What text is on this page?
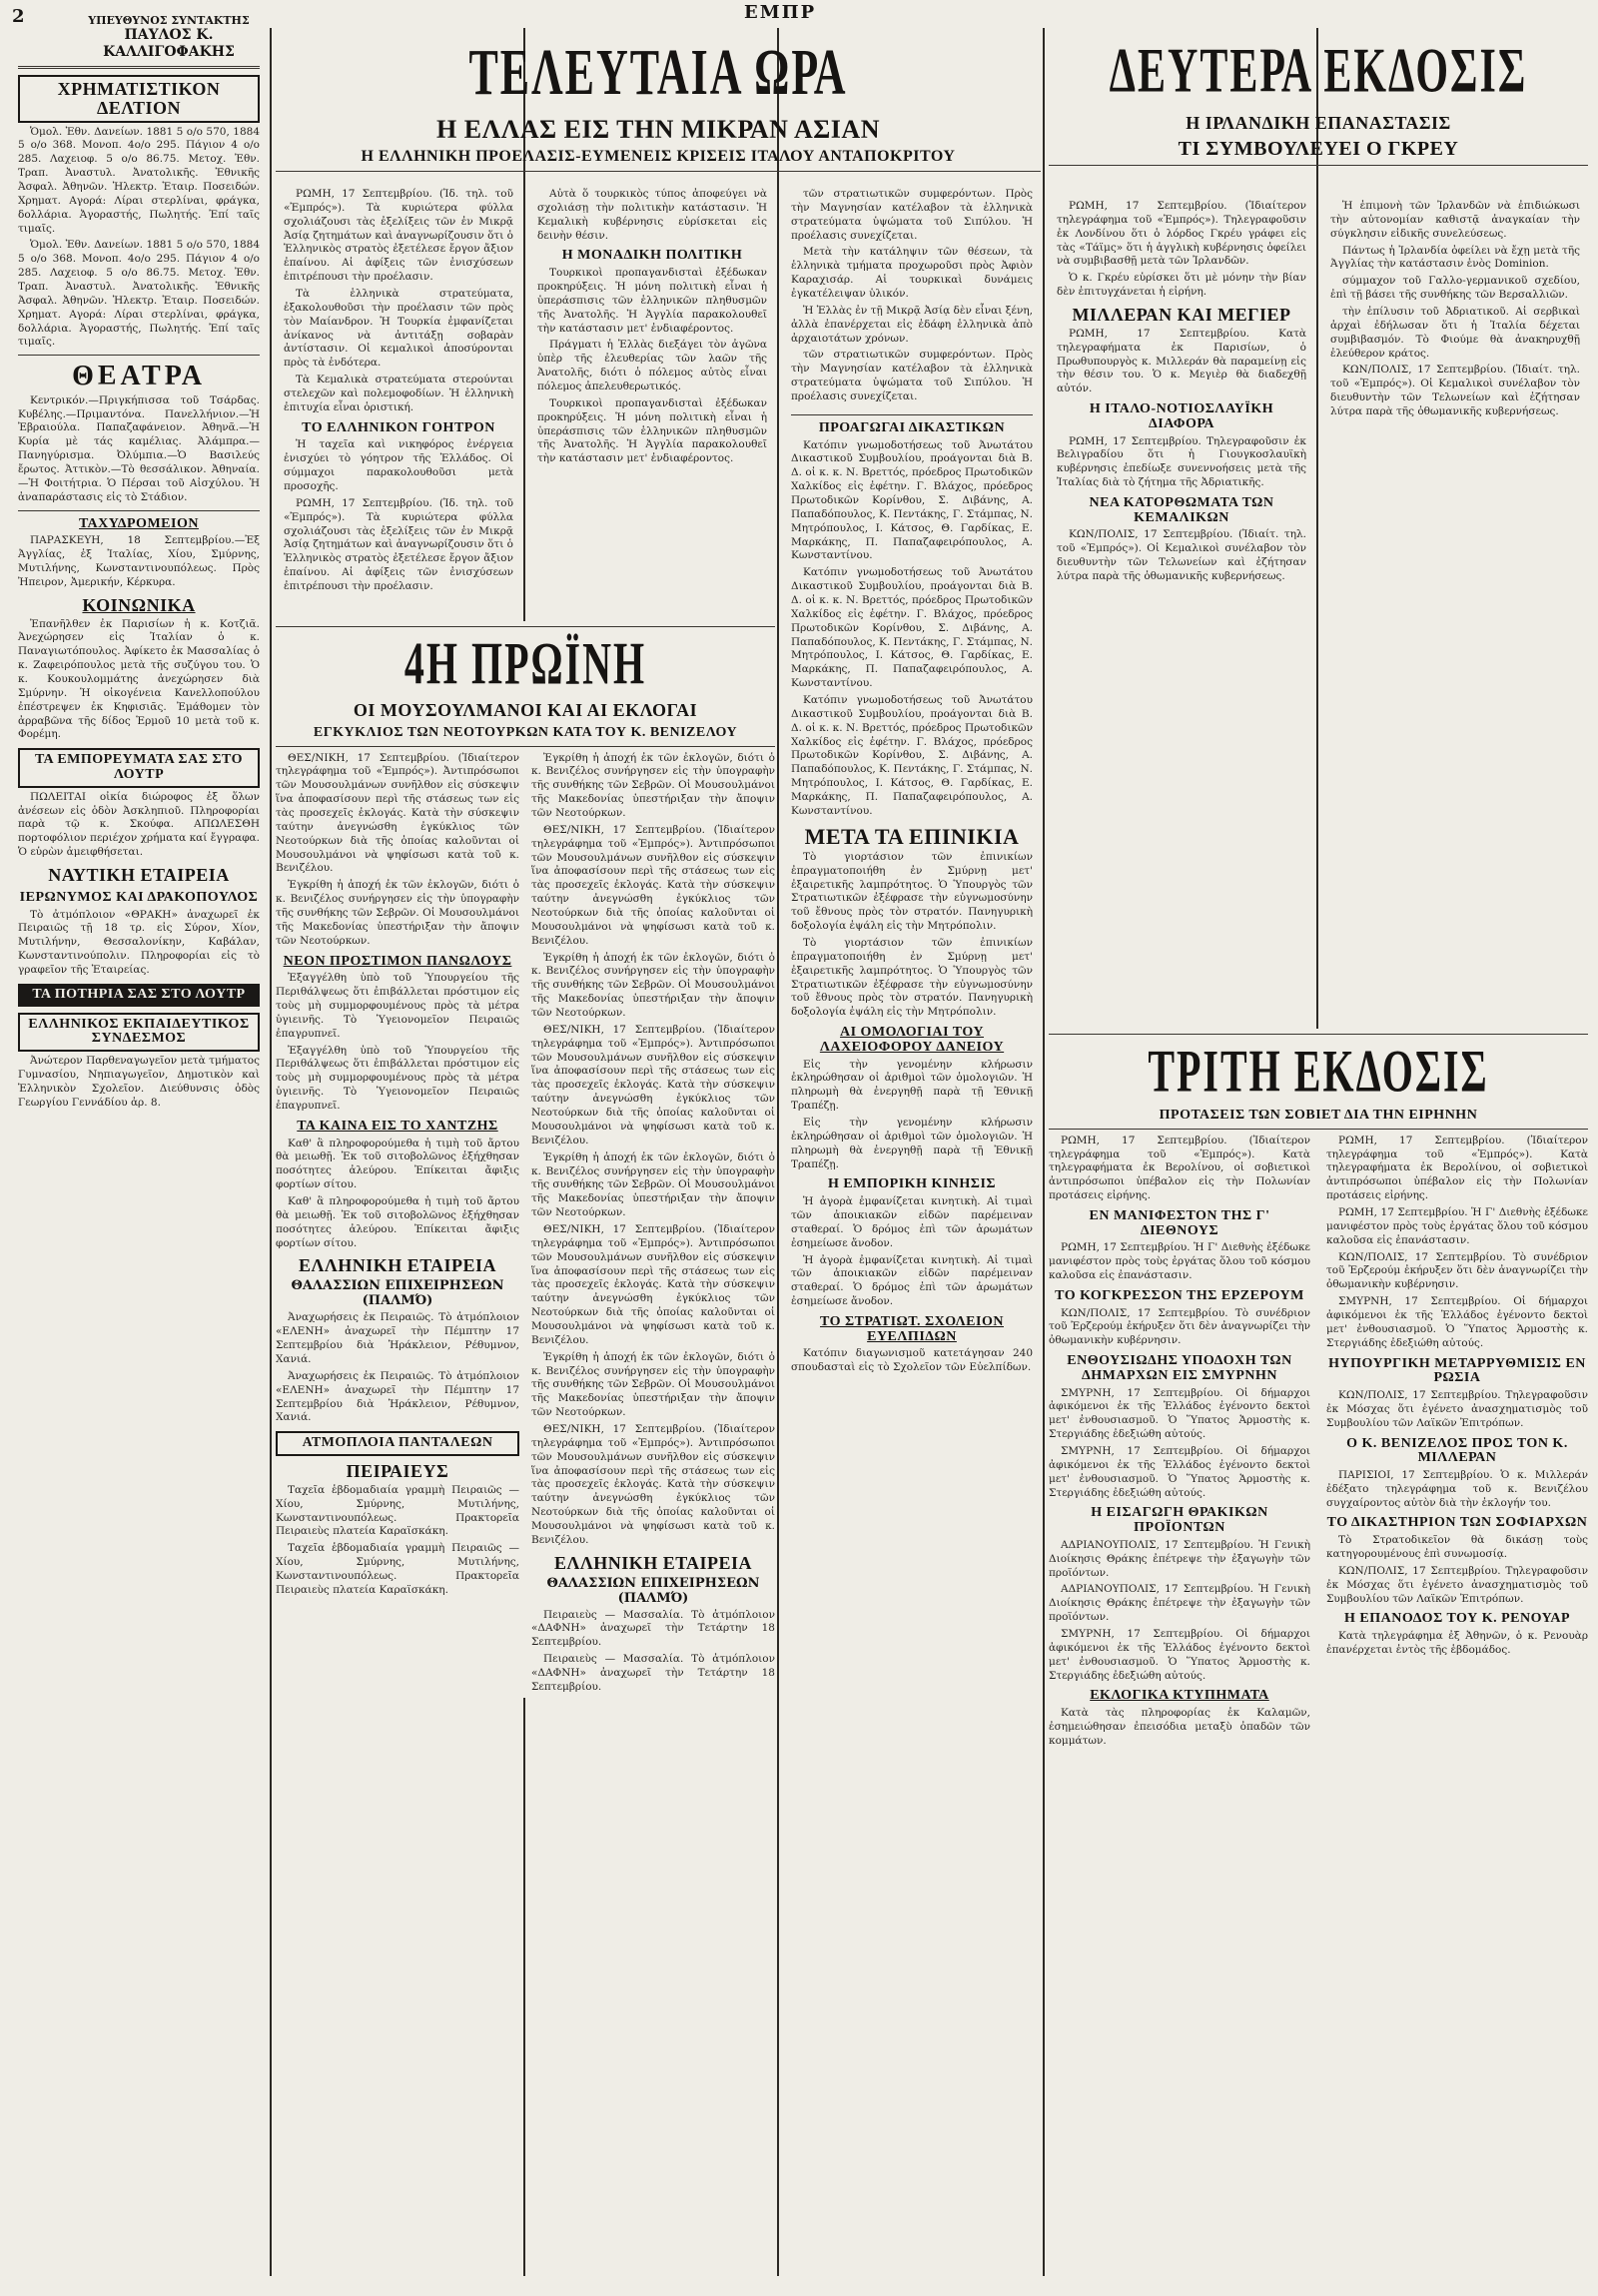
2	ΕΜΠΡ
ΥΠΕΥΘΥΝΟΣ ΣΥΝΤΑΚΤΗΣ
ΠΑΥΛΟΣ Κ. ΚΑΛΛΙΓΟΦΑΚΗΣ
ΧΡΗΜΑΤΙΣΤΙΚΟΝ ΔΕΛΤΙΟΝ

Ὁμολ. Ἐθν. Δανείων. 1881 5 ο/ο 570, 1884 5 ο/ο 368. Μονοπ. 4ο/ο 295. Πάγιον 4 ο/ο 285. Λαχειοφ. 5 ο/ο 86.75. Μετοχ. Ἐθν. Τραπ. Ἀναστυλ. Ἀνατολικῆς. Ἐθνικῆς Ἀσφαλ. Ἀθηνῶν. Ἠλεκτρ. Ἑταιρ. Ποσειδών. Χρηματ. Αγορά: Λίραι στερλίναι, φράγκα, δολλάρια. Ἀγοραστής, Πωλητής. Ἐπί ταῖς τιμαῖς.

Ὁμολ. Ἐθν. Δανείων. 1881 5 ο/ο 570, 1884 5 ο/ο 368. Μονοπ. 4ο/ο 295. Πάγιον 4 ο/ο 285. Λαχειοφ. 5 ο/ο 86.75. Μετοχ. Ἐθν. Τραπ. Ἀναστυλ. Ἀνατολικῆς. Ἐθνικῆς Ἀσφαλ. Ἀθηνῶν. Ἠλεκτρ. Ἑταιρ. Ποσειδών. Χρηματ. Αγορά: Λίραι στερλίναι, φράγκα, δολλάρια. Ἀγοραστής, Πωλητής. Ἐπί ταῖς τιμαῖς.

ΘΕΑΤΡΑ

Κεντρικόν.—Πριγκήπισσα τοῦ Τσάρδας. Κυβέλης.—Πριμαντόνα. Πανελλήνιον.—Ἡ Ἐβραιούλα. Παπαζαφάνειον. Ἀθηνᾶ.—Ἡ Κυρία μὲ τάς καμέλιας. Ἀλάμπρα.—Πανηγύρισμα. Ὀλύμπια.—Ὁ Βασιλεύς ἔρωτος. Ἀττικὸν.—Τὸ θεσσάλικον. Ἀθηναία.—Ἡ Φοιτήτρια. Ὁ Πέρσαι τοῦ Αἰσχύλου. Ἡ ἀναπαράστασις εἰς τὸ Στάδιον.

ΤΑΧΥΔΡΟΜΕΙΟΝ

ΠΑΡΑΣΚΕΥΗ, 18 Σεπτεμβρίου.—Ἐξ Ἀγγλίας, ἐξ Ἰταλίας, Χίου, Σμύρνης, Μυτιλήνης, Κωνσταντινουπόλεως. Πρὸς Ἠπειρον, Ἀμερικήν, Κέρκυρα.

ΚΟΙΝΩΝΙΚΑ

Ἐπανῆλθεν ἐκ Παρισίων ἡ κ. Κοτζιᾶ. Ἀνεχώρησεν εἰς Ἰταλίαν ὁ κ. Παναγιωτόπουλος. Ἀφίκετο ἐκ Μασσαλίας ὁ κ. Ζαφειρόπουλος μετὰ τῆς συζύγου του. Ὁ κ. Κουκουλομμάτης ἀνεχώρησεν διὰ Σμύρνην. Ἡ οἰκογένεια Κανελλοπούλου ἐπέστρεψεν ἐκ Κηφισιᾶς. Ἐμάθομεν τὸν ἀρραβῶνα τῆς δίδος Ἑρμοῦ 10 μετὰ τοῦ κ. Φορέμη.

ΤΑ ΕΜΠΟΡΕΥΜΑΤΑ ΣΑΣ ΣΤΟ ΛΟΥΤΡ

ΠΩΛΕΙΤΑΙ οἰκία διώροφος ἐξ ὅλων ἀνέσεων εἰς ὁδὸν Ἀσκληπιοῦ. Πληροφορίαι παρὰ τῷ κ. Σκούφα. ΑΠΩΛΕΣΘΗ πορτοφόλιον περιέχον χρήματα καί ἔγγραφα. Ὁ εὑρὼν ἀμειφθήσεται.

ΝΑΥΤΙΚΗ ΕΤΑΙΡΕΙΑ
ΙΕΡΩΝΥΜΟΣ ΚΑΙ ΔΡΑΚΟΠΟΥΛΟΣ

Τὸ ἀτμόπλοιον «ΘΡΑΚΗ» ἀναχωρεῖ ἐκ Πειραιῶς τῇ 18 τρ. εἰς Σύρον, Χίον, Μυτιλήνην, Θεσσαλονίκην, Καβάλαν, Κωνσταντινούπολιν. Πληροφορίαι εἰς τὸ γραφεῖον τῆς Ἑταιρείας.

ΤΑ ΠΟΤΗΡΙΑ ΣΑΣ ΣΤΟ ΛΟΥΤΡ
ΕΛΛΗΝΙΚΟΣ ΕΚΠΑΙΔΕΥΤΙΚΟΣ ΣΥΝΔΕΣΜΟΣ

Ἀνώτερον Παρθεναγωγεῖον μετὰ τμήματος Γυμνασίου, Νηπιαγωγεῖον, Δημοτικὸν καὶ Ἑλληνικὸν Σχολεῖον. Διεύθυνσις ὁδὸς Γεωργίου Γεννάδίου ἀρ. 8.

ΤΕΛΕΥΤΑΙΑ ΩΡΑ
Η ΕΛΛΑΣ ΕΙΣ ΤΗΝ ΜΙΚΡΑΝ ΑΣΙΑΝ
Η ΕΛΛΗΝΙΚΗ ΠΡΟΕΛΑΣΙΣ-ΕΥΜΕΝΕΙΣ ΚΡΙΣΕΙΣ ΙΤΑΛΟΥ ΑΝΤΑΠΟΚΡΙΤΟΥ

ΡΩΜΗ, 17 Σεπτεμβρίου. (Ἰδ. τηλ. τοῦ «Ἐμπρός»). Τὰ κυριώτερα φύλλα σχολιάζουσι τὰς ἐξελίξεις τῶν ἐν Μικρᾷ Ἀσίᾳ ζητημάτων καὶ ἀναγνωρίζουσιν ὅτι ὁ Ἑλληνικὸς στρατὸς ἐξετέλεσε ἔργον ἄξιον ἐπαίνου. Αἱ ἀφίξεις τῶν ἐνισχύσεων ἐπιτρέπουσι τὴν προέλασιν.

Τὰ ἑλληνικὰ στρατεύματα, ἐξακολουθοῦσι τὴν προέλασιν τῶν πρὸς τὸν Μαίανδρον. Ἡ Τουρκία ἐμφανίζεται ἀνίκανος νὰ ἀντιτάξῃ σοβαρὰν ἀντίστασιν. Οἱ κεμαλικοὶ ἀποσύρονται πρὸς τὰ ἐνδότερα.

Τὰ Κεμαλικὰ στρατεύματα στερούνται στελεχῶν καὶ πολεμοφοδίων. Ἡ ἑλληνικὴ ἐπιτυχία εἶναι ὁριστική.

ΤΟ ΕΛΛΗΝΙΚΟΝ ΓΟΗΤΡΟΝ

Ἡ ταχεῖα καὶ νικηφόρος ἐνέργεια ἐνισχύει τὸ γόητρον τῆς Ἑλλάδος. Οἱ σύμμαχοι παρακολουθοῦσι μετὰ προσοχῆς.

ΡΩΜΗ, 17 Σεπτεμβρίου. (Ἰδ. τηλ. τοῦ «Ἐμπρός»). Τὰ κυριώτερα φύλλα σχολιάζουσι τὰς ἐξελίξεις τῶν ἐν Μικρᾷ Ἀσίᾳ ζητημάτων καὶ ἀναγνωρίζουσιν ὅτι ὁ Ἑλληνικὸς στρατὸς ἐξετέλεσε ἔργον ἄξιον ἐπαίνου. Αἱ ἀφίξεις τῶν ἐνισχύσεων ἐπιτρέπουσι τὴν προέλασιν.

Αὐτὰ ὅ τουρκικὸς τύπος ἀποφεύγει νὰ σχολιάσῃ τὴν πολιτικὴν κατάστασιν. Ἡ Κεμαλικὴ κυβέρνησις εὑρίσκεται εἰς δεινὴν θέσιν.

Η ΜΟΝΑΔΙΚΗ ΠΟΛΙΤΙΚΗ

Τουρκικοὶ προπαγανδισταὶ ἐξέδωκαν προκηρύξεις. Ἡ μόνη πολιτικὴ εἶναι ἡ ὑπεράσπισις τῶν ἑλληνικῶν πληθυσμῶν τῆς Ἀνατολῆς. Ἡ Ἀγγλία παρακολουθεῖ τὴν κατάστασιν μετ' ἐνδιαφέροντος.

Πράγματι ἡ Ἑλλὰς διεξάγει τὸν ἀγῶνα ὑπὲρ τῆς ἐλευθερίας τῶν λαῶν τῆς Ἀνατολῆς, διότι ὁ πόλεμος αὐτὸς εἶναι πόλεμος ἀπελευθερωτικός.

Τουρκικοὶ προπαγανδισταὶ ἐξέδωκαν προκηρύξεις. Ἡ μόνη πολιτικὴ εἶναι ἡ ὑπεράσπισις τῶν ἑλληνικῶν πληθυσμῶν τῆς Ἀνατολῆς. Ἡ Ἀγγλία παρακολουθεῖ τὴν κατάστασιν μετ' ἐνδιαφέροντος.

τῶν στρατιωτικῶν συμφερόντων. Πρὸς τὴν Μαγνησίαν κατέλαβον τὰ ἑλληνικὰ στρατεύματα ὑψώματα τοῦ Σιπύλου. Ἡ προέλασις συνεχίζεται.

Μετὰ τὴν κατάληψιν τῶν θέσεων, τὰ ἑλληνικὰ τμήματα προχωροῦσι πρὸς Ἀφιὸν Καραχισάρ. Αἱ τουρκικαὶ δυνάμεις ἐγκατέλειψαν ὑλικόν.

Ἡ Ἑλλὰς ἐν τῇ Μικρᾷ Ἀσίᾳ δὲν εἶναι ξένη, ἀλλὰ ἐπανέρχεται εἰς ἐδάφη ἑλληνικὰ ἀπὸ ἀρχαιοτάτων χρόνων.

τῶν στρατιωτικῶν συμφερόντων. Πρὸς τὴν Μαγνησίαν κατέλαβον τὰ ἑλληνικὰ στρατεύματα ὑψώματα τοῦ Σιπύλου. Ἡ προέλασις συνεχίζεται.

ΠΡΟΑΓΩΓΑΙ ΔΙΚΑΣΤΙΚΩΝ

Κατόπιν γνωμοδοτήσεως τοῦ Ἀνωτάτου Δικαστικοῦ Συμβουλίου, προάγονται διὰ Β. Δ. οἱ κ. κ. Ν. Βρεττός, πρόεδρος Πρωτοδικῶν Χαλκίδος εἰς ἐφέτην. Γ. Βλάχος, πρόεδρος Πρωτοδικῶν Κορίνθου, Σ. Διβάνης, Α. Παπαδόπουλος, Κ. Πεντάκης, Γ. Στάμπας, Ν. Μητρόπουλος, Ι. Κάτσος, Θ. Γαρδίκας, Ε. Μαρκάκης, Π. Παπαζαφειρόπουλος, Α. Κωνσταντίνου.

Κατόπιν γνωμοδοτήσεως τοῦ Ἀνωτάτου Δικαστικοῦ Συμβουλίου, προάγονται διὰ Β. Δ. οἱ κ. κ. Ν. Βρεττός, πρόεδρος Πρωτοδικῶν Χαλκίδος εἰς ἐφέτην. Γ. Βλάχος, πρόεδρος Πρωτοδικῶν Κορίνθου, Σ. Διβάνης, Α. Παπαδόπουλος, Κ. Πεντάκης, Γ. Στάμπας, Ν. Μητρόπουλος, Ι. Κάτσος, Θ. Γαρδίκας, Ε. Μαρκάκης, Π. Παπαζαφειρόπουλος, Α. Κωνσταντίνου.

Κατόπιν γνωμοδοτήσεως τοῦ Ἀνωτάτου Δικαστικοῦ Συμβουλίου, προάγονται διὰ Β. Δ. οἱ κ. κ. Ν. Βρεττός, πρόεδρος Πρωτοδικῶν Χαλκίδος εἰς ἐφέτην. Γ. Βλάχος, πρόεδρος Πρωτοδικῶν Κορίνθου, Σ. Διβάνης, Α. Παπαδόπουλος, Κ. Πεντάκης, Γ. Στάμπας, Ν. Μητρόπουλος, Ι. Κάτσος, Θ. Γαρδίκας, Ε. Μαρκάκης, Π. Παπαζαφειρόπουλος, Α. Κωνσταντίνου.

ΜΕΤΑ ΤΑ ΕΠΙΝΙΚΙΑ

Τὸ γιορτάσιον τῶν ἐπινικίων ἐπραγματοποιήθη ἐν Σμύρνῃ μετ' ἐξαιρετικῆς λαμπρότητος. Ὁ Ὑπουργὸς τῶν Στρατιωτικῶν ἐξέφρασε τὴν εὐγνωμοσύνην τοῦ ἔθνους πρὸς τὸν στρατόν. Πανηγυρικὴ δοξολογία ἐψάλη εἰς τὴν Μητρόπολιν.

Τὸ γιορτάσιον τῶν ἐπινικίων ἐπραγματοποιήθη ἐν Σμύρνῃ μετ' ἐξαιρετικῆς λαμπρότητος. Ὁ Ὑπουργὸς τῶν Στρατιωτικῶν ἐξέφρασε τὴν εὐγνωμοσύνην τοῦ ἔθνους πρὸς τὸν στρατόν. Πανηγυρικὴ δοξολογία ἐψάλη εἰς τὴν Μητρόπολιν.

ΑΙ ΟΜΟΛΟΓΙΑΙ ΤΟΥ ΛΑΧΕΙΟΦΟΡΟΥ ΔΑΝΕΙΟΥ

Εἰς τὴν γενομένην κλήρωσιν ἐκληρώθησαν οἱ ἀριθμοὶ τῶν ὁμολογιῶν. Ἡ πληρωμὴ θὰ ἐνεργηθῇ παρὰ τῇ Ἐθνικῇ Τραπέζῃ.

Εἰς τὴν γενομένην κλήρωσιν ἐκληρώθησαν οἱ ἀριθμοὶ τῶν ὁμολογιῶν. Ἡ πληρωμὴ θὰ ἐνεργηθῇ παρὰ τῇ Ἐθνικῇ Τραπέζῃ.

Η ΕΜΠΟΡΙΚΗ ΚΙΝΗΣΙΣ

Ἡ ἀγορὰ ἐμφανίζεται κινητικὴ. Αἱ τιμαὶ τῶν ἀποικιακῶν εἰδῶν παρέμειναν σταθεραί. Ὁ δρόμος ἐπὶ τῶν ἀρωμάτων ἐσημείωσε ἄνοδον.

Ἡ ἀγορὰ ἐμφανίζεται κινητικὴ. Αἱ τιμαὶ τῶν ἀποικιακῶν εἰδῶν παρέμειναν σταθεραί. Ὁ δρόμος ἐπὶ τῶν ἀρωμάτων ἐσημείωσε ἄνοδον.

ΤΟ ΣΤΡΑΤΙΩΤ. ΣΧΟΛΕΙΟΝ ΕΥΕΛΠΙΔΩΝ

Κατόπιν διαγωνισμοῦ κατετάγησαν 240 σπουδασταὶ εἰς τὸ Σχολεῖον τῶν Εὐελπίδων.

4Η ΠΡΩΪΝΗ
ΟΙ ΜΟΥΣΟΥΛΜΑΝΟΙ ΚΑΙ ΑΙ ΕΚΛΟΓΑΙ
ΕΓΚΥΚΛΙΟΣ ΤΩΝ ΝΕΟΤΟΥΡΚΩΝ ΚΑΤΑ ΤΟΥ Κ. ΒΕΝΙΖΕΛΟΥ

ΘΕΣ/ΝΙΚΗ, 17 Σεπτεμβρίου. (Ἰδιαίτερον τηλεγράφημα τοῦ «Ἐμπρός»). Ἀντιπρόσωποι τῶν Μουσουλμάνων συνῆλθον εἰς σύσκεψιν ἵνα ἀποφασίσουν περὶ τῆς στάσεως των εἰς τὰς προσεχεῖς ἐκλογάς. Κατὰ τὴν σύσκεψιν ταύτην ἀνεγνώσθη ἐγκύκλιος τῶν Νεοτούρκων διὰ τῆς ὁποίας καλοῦνται οἱ Μουσουλμάνοι νὰ ψηφίσωσι κατὰ τοῦ κ. Βενιζέλου.

Ἐγκρίθη ἡ ἀποχή ἐκ τῶν ἐκλογῶν, διότι ὁ κ. Βενιζέλος συνήργησεν εἰς τὴν ὑπογραφὴν τῆς συνθήκης τῶν Σεβρῶν. Οἱ Μουσουλμάνοι τῆς Μακεδονίας ὑπεστήριξαν τὴν ἄποψιν τῶν Νεοτούρκων.

ΝΕΟΝ ΠΡΟΣΤΙΜΟΝ ΠΑΝΩΛΟΥΣ

Ἐξαγγέλθη ὑπὸ τοῦ Ὑπουργείου τῆς Περιθάλψεως ὅτι ἐπιβάλλεται πρόστιμον εἰς τοὺς μὴ συμμορφουμένους πρὸς τὰ μέτρα ὑγιεινῆς. Τὸ Ὑγειονομεῖον Πειραιῶς ἐπαγρυπνεῖ.

Ἐξαγγέλθη ὑπὸ τοῦ Ὑπουργείου τῆς Περιθάλψεως ὅτι ἐπιβάλλεται πρόστιμον εἰς τοὺς μὴ συμμορφουμένους πρὸς τὰ μέτρα ὑγιεινῆς. Τὸ Ὑγειονομεῖον Πειραιῶς ἐπαγρυπνεῖ.

ΤΑ ΚΑΙΝΑ ΕΙΣ ΤΟ ΧΑΝΤΖΗΣ

Καθ' ἃ πληροφορούμεθα ἡ τιμὴ τοῦ ἄρτου θὰ μειωθῇ. Ἐκ τοῦ σιτοβολῶνος ἐξήχθησαν ποσότητες ἀλεύρου. Ἐπίκειται ἄφιξις φορτίων σίτου.

Καθ' ἃ πληροφορούμεθα ἡ τιμὴ τοῦ ἄρτου θὰ μειωθῇ. Ἐκ τοῦ σιτοβολῶνος ἐξήχθησαν ποσότητες ἀλεύρου. Ἐπίκειται ἄφιξις φορτίων σίτου.

ΕΛΛΗΝΙΚΗ ΕΤΑΙΡΕΙΑ
ΘΑΛΑΣΣΙΩΝ ΕΠΙΧΕΙΡΗΣΕΩΝ (ΠΑΛΜΌ)

Ἀναχωρήσεις ἐκ Πειραιῶς. Τὸ ἀτμόπλοιον «ΕΛΕΝΗ» ἀναχωρεῖ τὴν Πέμπτην 17 Σεπτεμβρίου διὰ Ἡράκλειον, Ρέθυμνον, Χανιά.

Ἀναχωρήσεις ἐκ Πειραιῶς. Τὸ ἀτμόπλοιον «ΕΛΕΝΗ» ἀναχωρεῖ τὴν Πέμπτην 17 Σεπτεμβρίου διὰ Ἡράκλειον, Ρέθυμνον, Χανιά.

ΑΤΜΟΠΛΟΙΑ ΠΑΝΤΑΛΕΩΝ
ΠΕΙΡΑΙΕΥΣ

Ταχεῖα ἑβδομαδιαία γραμμὴ Πειραιῶς — Χίου, Σμύρνης, Μυτιλήνης, Κωνσταντινουπόλεως. Πρακτορεῖα Πειραιεὺς πλατεία Καραϊσκάκη.

Ταχεῖα ἑβδομαδιαία γραμμὴ Πειραιῶς — Χίου, Σμύρνης, Μυτιλήνης, Κωνσταντινουπόλεως. Πρακτορεῖα Πειραιεὺς πλατεία Καραϊσκάκη.

Ἐγκρίθη ἡ ἀποχή ἐκ τῶν ἐκλογῶν, διότι ὁ κ. Βενιζέλος συνήργησεν εἰς τὴν ὑπογραφὴν τῆς συνθήκης τῶν Σεβρῶν. Οἱ Μουσουλμάνοι τῆς Μακεδονίας ὑπεστήριξαν τὴν ἄποψιν τῶν Νεοτούρκων.

ΘΕΣ/ΝΙΚΗ, 17 Σεπτεμβρίου. (Ἰδιαίτερον τηλεγράφημα τοῦ «Ἐμπρός»). Ἀντιπρόσωποι τῶν Μουσουλμάνων συνῆλθον εἰς σύσκεψιν ἵνα ἀποφασίσουν περὶ τῆς στάσεως των εἰς τὰς προσεχεῖς ἐκλογάς. Κατὰ τὴν σύσκεψιν ταύτην ἀνεγνώσθη ἐγκύκλιος τῶν Νεοτούρκων διὰ τῆς ὁποίας καλοῦνται οἱ Μουσουλμάνοι νὰ ψηφίσωσι κατὰ τοῦ κ. Βενιζέλου.

Ἐγκρίθη ἡ ἀποχή ἐκ τῶν ἐκλογῶν, διότι ὁ κ. Βενιζέλος συνήργησεν εἰς τὴν ὑπογραφὴν τῆς συνθήκης τῶν Σεβρῶν. Οἱ Μουσουλμάνοι τῆς Μακεδονίας ὑπεστήριξαν τὴν ἄποψιν τῶν Νεοτούρκων.

ΘΕΣ/ΝΙΚΗ, 17 Σεπτεμβρίου. (Ἰδιαίτερον τηλεγράφημα τοῦ «Ἐμπρός»). Ἀντιπρόσωποι τῶν Μουσουλμάνων συνῆλθον εἰς σύσκεψιν ἵνα ἀποφασίσουν περὶ τῆς στάσεως των εἰς τὰς προσεχεῖς ἐκλογάς. Κατὰ τὴν σύσκεψιν ταύτην ἀνεγνώσθη ἐγκύκλιος τῶν Νεοτούρκων διὰ τῆς ὁποίας καλοῦνται οἱ Μουσουλμάνοι νὰ ψηφίσωσι κατὰ τοῦ κ. Βενιζέλου.

Ἐγκρίθη ἡ ἀποχή ἐκ τῶν ἐκλογῶν, διότι ὁ κ. Βενιζέλος συνήργησεν εἰς τὴν ὑπογραφὴν τῆς συνθήκης τῶν Σεβρῶν. Οἱ Μουσουλμάνοι τῆς Μακεδονίας ὑπεστήριξαν τὴν ἄποψιν τῶν Νεοτούρκων.

ΘΕΣ/ΝΙΚΗ, 17 Σεπτεμβρίου. (Ἰδιαίτερον τηλεγράφημα τοῦ «Ἐμπρός»). Ἀντιπρόσωποι τῶν Μουσουλμάνων συνῆλθον εἰς σύσκεψιν ἵνα ἀποφασίσουν περὶ τῆς στάσεως των εἰς τὰς προσεχεῖς ἐκλογάς. Κατὰ τὴν σύσκεψιν ταύτην ἀνεγνώσθη ἐγκύκλιος τῶν Νεοτούρκων διὰ τῆς ὁποίας καλοῦνται οἱ Μουσουλμάνοι νὰ ψηφίσωσι κατὰ τοῦ κ. Βενιζέλου.

Ἐγκρίθη ἡ ἀποχή ἐκ τῶν ἐκλογῶν, διότι ὁ κ. Βενιζέλος συνήργησεν εἰς τὴν ὑπογραφὴν τῆς συνθήκης τῶν Σεβρῶν. Οἱ Μουσουλμάνοι τῆς Μακεδονίας ὑπεστήριξαν τὴν ἄποψιν τῶν Νεοτούρκων.

ΘΕΣ/ΝΙΚΗ, 17 Σεπτεμβρίου. (Ἰδιαίτερον τηλεγράφημα τοῦ «Ἐμπρός»). Ἀντιπρόσωποι τῶν Μουσουλμάνων συνῆλθον εἰς σύσκεψιν ἵνα ἀποφασίσουν περὶ τῆς στάσεως των εἰς τὰς προσεχεῖς ἐκλογάς. Κατὰ τὴν σύσκεψιν ταύτην ἀνεγνώσθη ἐγκύκλιος τῶν Νεοτούρκων διὰ τῆς ὁποίας καλοῦνται οἱ Μουσουλμάνοι νὰ ψηφίσωσι κατὰ τοῦ κ. Βενιζέλου.

ΕΛΛΗΝΙΚΗ ΕΤΑΙΡΕΙΑ
ΘΑΛΑΣΣΙΩΝ ΕΠΙΧΕΙΡΗΣΕΩΝ (ΠΑΛΜΌ)

Πειραιεὺς — Μασσαλία. Τὸ ἀτμόπλοιον «ΔΑΦΝΗ» ἀναχωρεῖ τὴν Τετάρτην 18 Σεπτεμβρίου.

Πειραιεὺς — Μασσαλία. Τὸ ἀτμόπλοιον «ΔΑΦΝΗ» ἀναχωρεῖ τὴν Τετάρτην 18 Σεπτεμβρίου.

ΔΕΥΤΕΡΑ ΕΚΔΟΣΙΣ
Η ΙΡΛΑΝΔΙΚΗ ΕΠΑΝΑΣΤΑΣΙΣ
ΤΙ ΣΥΜΒΟΥΛΕΥΕΙ Ο ΓΚΡΕΥ

ΡΩΜΗ, 17 Σεπτεμβρίου. (Ἰδιαίτερον τηλεγράφημα τοῦ «Ἐμπρός»). Τηλεγραφοῦσιν ἐκ Λονδίνου ὅτι ὁ λόρδος Γκρέυ γράφει εἰς τὰς «Τάϊμς» ὅτι ἡ ἀγγλικὴ κυβέρνησις ὀφείλει νὰ συμβιβασθῇ μετὰ τῶν Ἰρλανδῶν.

Ὁ κ. Γκρέυ εὑρίσκει ὅτι μὲ μόνην τὴν βίαν δὲν ἐπιτυγχάνεται ἡ εἰρήνη.

ΜΙΛΛΕΡΑΝ ΚΑΙ ΜΕΓΙΕΡ

ΡΩΜΗ, 17 Σεπτεμβρίου. Κατὰ τηλεγραφήματα ἐκ Παρισίων, ὁ Πρωθυπουργὸς κ. Μιλλεράν θὰ παραμείνῃ εἰς τὴν θέσιν του. Ὁ κ. Μεγιὲρ θὰ διαδεχθῇ αὐτόν.

Η ΙΤΑΛΟ-ΝΟΤΙΟΣΛΑΥΪΚΗ ΔΙΑΦΟΡΑ

ΡΩΜΗ, 17 Σεπτεμβρίου. Τηλεγραφοῦσιν ἐκ Βελιγραδίου ὅτι ἡ Γιουγκοσλαυϊκὴ κυβέρνησις ἐπεδίωξε συνεννοήσεις μετὰ τῆς Ἰταλίας διὰ τὸ ζήτημα τῆς Ἀδριατικῆς.

ΝΕΑ ΚΑΤΟΡΘΩΜΑΤΑ ΤΩΝ ΚΕΜΑΛΙΚΩΝ

ΚΩΝ/ΠΟΛΙΣ, 17 Σεπτεμβρίου. (Ἰδιαίτ. τηλ. τοῦ «Ἐμπρός»). Οἱ Κεμαλικοὶ συνέλαβον τὸν διευθυντὴν τῶν Τελωνείων καὶ ἐζήτησαν λύτρα παρὰ τῆς ὀθωμανικῆς κυβερνήσεως.

Ἡ ἐπιμονὴ τῶν Ἰρλανδῶν νὰ ἐπιδιώκωσι τὴν αὐτονομίαν καθιστᾷ ἀναγκαίαν τὴν σύγκλησιν εἰδικῆς συνελεύσεως.

Πάντως ἡ Ἰρλανδία ὀφείλει νὰ ἔχῃ μετὰ τῆς Ἀγγλίας τὴν κατάστασιν ἑνὸς Dominion.

σύμμαχον τοῦ Γαλλο-γερμανικοῦ σχεδίου, ἐπὶ τῇ βάσει τῆς συνθήκης τῶν Βερσαλλιῶν.

τὴν ἐπίλυσιν τοῦ Ἀδριατικοῦ. Αἱ σερβικαὶ ἀρχαὶ ἐδήλωσαν ὅτι ἡ Ἰταλία δέχεται συμβιβασμόν. Τὸ Φιούμε θὰ ἀνακηρυχθῇ ἐλεύθερον κράτος.

ΚΩΝ/ΠΟΛΙΣ, 17 Σεπτεμβρίου. (Ἰδιαίτ. τηλ. τοῦ «Ἐμπρός»). Οἱ Κεμαλικοὶ συνέλαβον τὸν διευθυντὴν τῶν Τελωνείων καὶ ἐζήτησαν λύτρα παρὰ τῆς ὀθωμανικῆς κυβερνήσεως.

ΤΡΙΤΗ ΕΚΔΟΣΙΣ
ΠΡΟΤΑΣΕΙΣ ΤΩΝ ΣΟΒΙΕΤ ΔΙΑ ΤΗΝ ΕΙΡΗΝΗΝ

ΡΩΜΗ, 17 Σεπτεμβρίου. (Ἰδιαίτερον τηλεγράφημα τοῦ «Ἐμπρός»). Κατὰ τηλεγραφήματα ἐκ Βερολίνου, οἱ σοβιετικοὶ ἀντιπρόσωποι ὑπέβαλον εἰς τὴν Πολωνίαν προτάσεις εἰρήνης.

ΕΝ ΜΑΝΙΦΕΣΤΟΝ ΤΗΣ Γ' ΔΙΕΘΝΟΥΣ

ΡΩΜΗ, 17 Σεπτεμβρίου. Ἡ Γ' Διεθνὴς ἐξέδωκε μανιφέστον πρὸς τοὺς ἐργάτας ὅλου τοῦ κόσμου καλοῦσα εἰς ἐπανάστασιν.

ΤΟ ΚΟΓΚΡΕΣΣΟΝ ΤΗΣ ΕΡΖΕΡΟΥΜ

ΚΩΝ/ΠΟΛΙΣ, 17 Σεπτεμβρίου. Τὸ συνέδριον τοῦ Ἐρζερούμ ἐκήρυξεν ὅτι δὲν ἀναγνωρίζει τὴν ὀθωμανικὴν κυβέρνησιν.

ΕΝΘΟΥΣΙΩΔΗΣ ΥΠΟΔΟΧΗ ΤΩΝ ΔΗΜΑΡΧΩΝ ΕΙΣ ΣΜΥΡΝΗΝ

ΣΜΥΡΝΗ, 17 Σεπτεμβρίου. Οἱ δήμαρχοι ἀφικόμενοι ἐκ τῆς Ἑλλάδος ἐγένοντο δεκτοὶ μετ' ἐνθουσιασμοῦ. Ὁ Ὕπατος Ἁρμοστὴς κ. Στεργιάδης ἐδεξιώθη αὐτούς.

ΣΜΥΡΝΗ, 17 Σεπτεμβρίου. Οἱ δήμαρχοι ἀφικόμενοι ἐκ τῆς Ἑλλάδος ἐγένοντο δεκτοὶ μετ' ἐνθουσιασμοῦ. Ὁ Ὕπατος Ἁρμοστὴς κ. Στεργιάδης ἐδεξιώθη αὐτούς.

Η ΕΙΣΑΓΩΓΗ ΘΡΑΚΙΚΩΝ ΠΡΟΪΟΝΤΩΝ

ΑΔΡΙΑΝΟΥΠΟΛΙΣ, 17 Σεπτεμβρίου. Ἡ Γενικὴ Διοίκησις Θράκης ἐπέτρεψε τὴν ἐξαγωγὴν τῶν προϊόντων.

ΑΔΡΙΑΝΟΥΠΟΛΙΣ, 17 Σεπτεμβρίου. Ἡ Γενικὴ Διοίκησις Θράκης ἐπέτρεψε τὴν ἐξαγωγὴν τῶν προϊόντων.

ΣΜΥΡΝΗ, 17 Σεπτεμβρίου. Οἱ δήμαρχοι ἀφικόμενοι ἐκ τῆς Ἑλλάδος ἐγένοντο δεκτοὶ μετ' ἐνθουσιασμοῦ. Ὁ Ὕπατος Ἁρμοστὴς κ. Στεργιάδης ἐδεξιώθη αὐτούς.

ΕΚΛΟΓΙΚΑ ΚΤΥΠΗΜΑΤΑ

Κατὰ τὰς πληροφορίας ἐκ Καλαμῶν, ἐσημειώθησαν ἐπεισόδια μεταξὺ ὀπαδῶν τῶν κομμάτων.

ΡΩΜΗ, 17 Σεπτεμβρίου. (Ἰδιαίτερον τηλεγράφημα τοῦ «Ἐμπρός»). Κατὰ τηλεγραφήματα ἐκ Βερολίνου, οἱ σοβιετικοὶ ἀντιπρόσωποι ὑπέβαλον εἰς τὴν Πολωνίαν προτάσεις εἰρήνης.

ΡΩΜΗ, 17 Σεπτεμβρίου. Ἡ Γ' Διεθνὴς ἐξέδωκε μανιφέστον πρὸς τοὺς ἐργάτας ὅλου τοῦ κόσμου καλοῦσα εἰς ἐπανάστασιν.

ΚΩΝ/ΠΟΛΙΣ, 17 Σεπτεμβρίου. Τὸ συνέδριον τοῦ Ἐρζερούμ ἐκήρυξεν ὅτι δὲν ἀναγνωρίζει τὴν ὀθωμανικὴν κυβέρνησιν.

ΣΜΥΡΝΗ, 17 Σεπτεμβρίου. Οἱ δήμαρχοι ἀφικόμενοι ἐκ τῆς Ἑλλάδος ἐγένοντο δεκτοὶ μετ' ἐνθουσιασμοῦ. Ὁ Ὕπατος Ἁρμοστὴς κ. Στεργιάδης ἐδεξιώθη αὐτούς.

ΗΥΠΟΥΡΓΙΚΗ ΜΕΤΑΡΡΥΘΜΙΣΙΣ ΕΝ ΡΩΣΙΑ

ΚΩΝ/ΠΟΛΙΣ, 17 Σεπτεμβρίου. Τηλεγραφοῦσιν ἐκ Μόσχας ὅτι ἐγένετο ἀνασχηματισμὸς τοῦ Συμβουλίου τῶν Λαϊκῶν Ἐπιτρόπων.

Ο Κ. ΒΕΝΙΖΕΛΟΣ ΠΡΟΣ ΤΟΝ Κ. ΜΙΛΛΕΡΑΝ

ΠΑΡΙΣΙΟΙ, 17 Σεπτεμβρίου. Ὁ κ. Μιλλεράν ἐδέξατο τηλεγράφημα τοῦ κ. Βενιζέλου συγχαίροντος αὐτὸν διὰ τὴν ἐκλογήν του.

ΤΟ ΔΙΚΑΣΤΗΡΙΟΝ ΤΩΝ ΣΟΦΙΑΡΧΩΝ

Τὸ Στρατοδικεῖον θὰ δικάσῃ τοὺς κατηγορουμένους ἐπὶ συνωμοσίᾳ.

ΚΩΝ/ΠΟΛΙΣ, 17 Σεπτεμβρίου. Τηλεγραφοῦσιν ἐκ Μόσχας ὅτι ἐγένετο ἀνασχηματισμὸς τοῦ Συμβουλίου τῶν Λαϊκῶν Ἐπιτρόπων.

Η ΕΠΑΝΟΔΟΣ ΤΟΥ Κ. ΡΕΝΟΥΑΡ

Κατὰ τηλεγράφημα ἐξ Ἀθηνῶν, ὁ κ. Ρενουὰρ ἐπανέρχεται ἐντὸς τῆς ἑβδομάδος.
